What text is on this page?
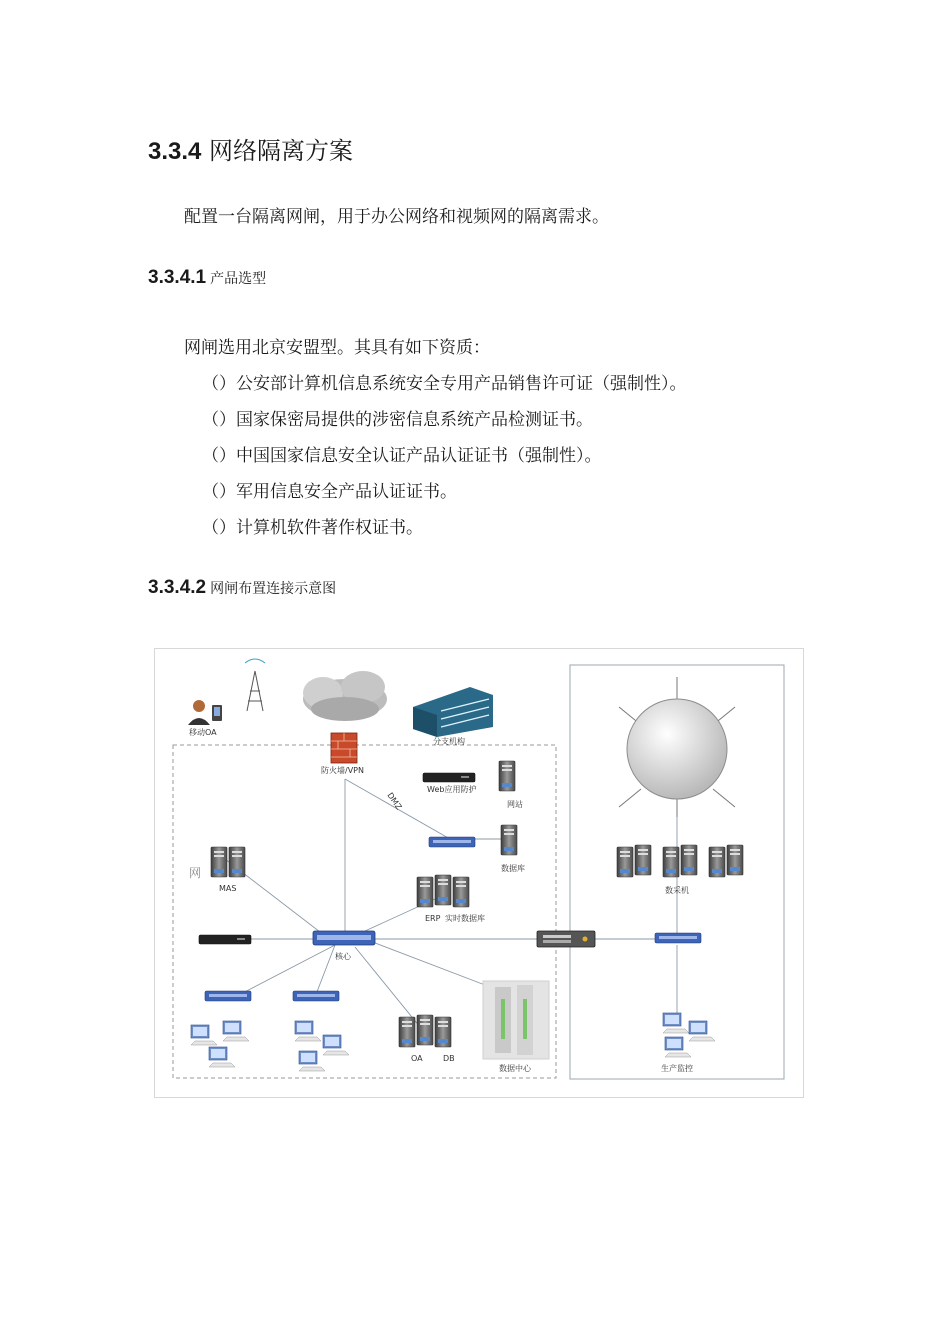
3.3.4 网络隔离方案
配置一台隔离网闸，用于办公网络和视频网的隔离需求。
3.3.4.1 产品选型
网闸选用北京安盟型。其具有如下资质：
（）公安部计算机信息系统安全专用产品销售许可证（强制性）。
（）国家保密局提供的涉密信息系统产品检测证书。
（）中国国家信息安全认证产品认证证书（强制性）。
（）军用信息安全产品认证证书。
（）计算机软件著作权证书。
3.3.4.2 网闸布置连接示意图
移动OA
分支机构
防火墙/VPN
DMZ
Web应用防护
网站
数据库
网
MAS
ERP 实时数据库
核心
OA	DB
数据中心
数采机
生产监控
